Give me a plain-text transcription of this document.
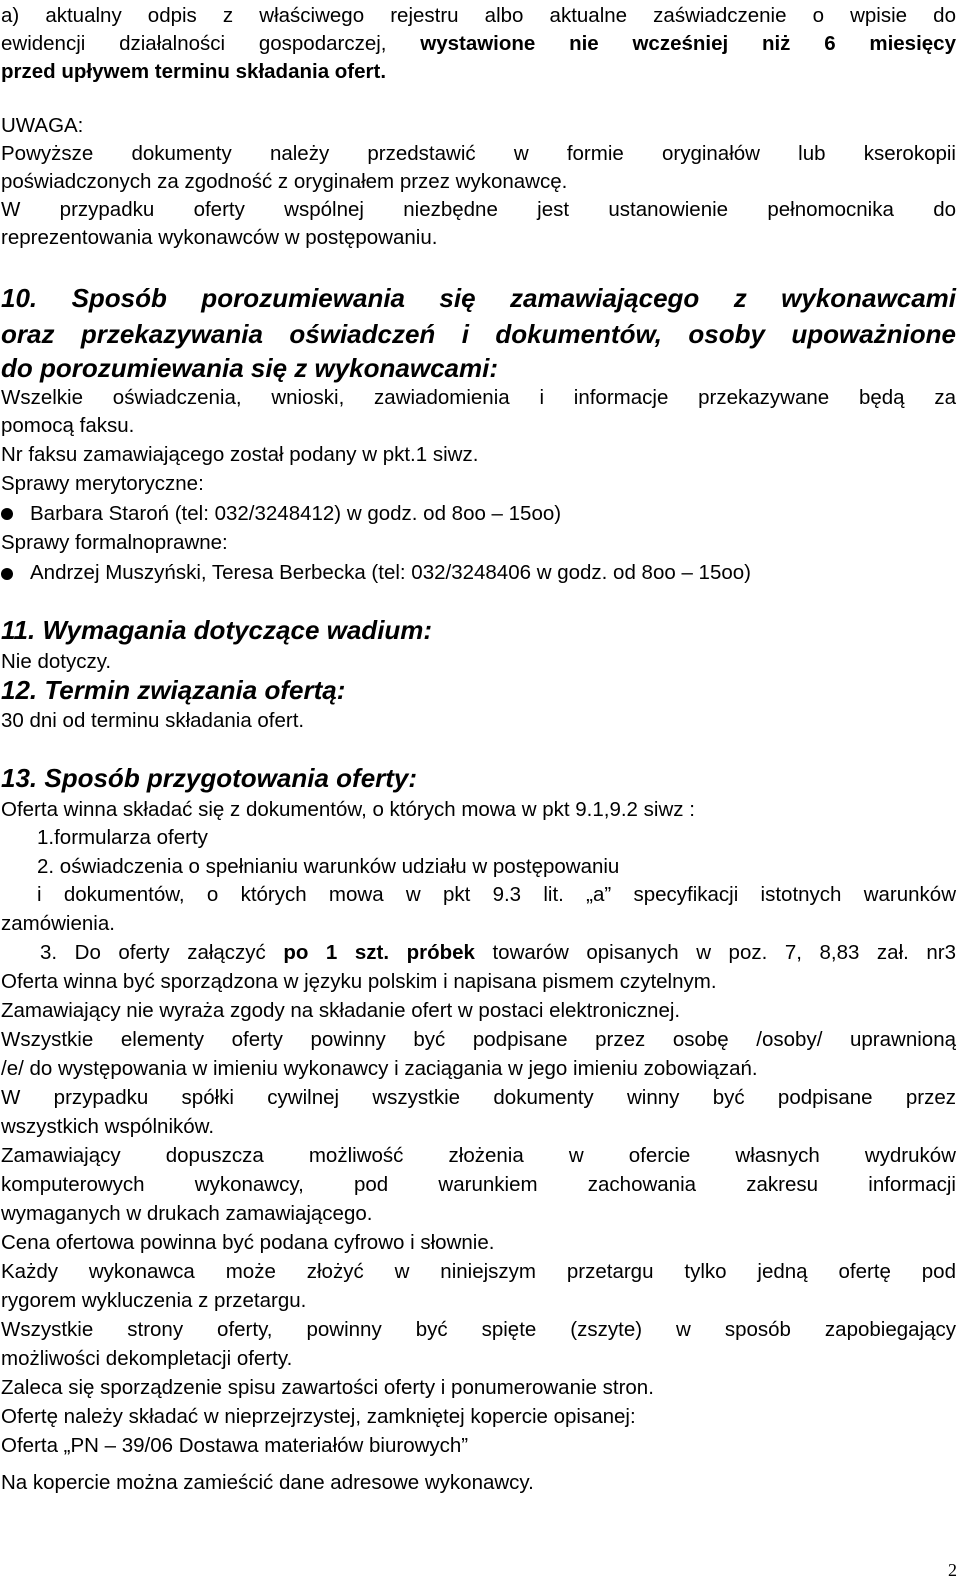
a) aktualny odpis z właściwego rejestru albo aktualne zaświadczenie o wpisie do
ewidencji działalności gospodarczej, wystawione nie wcześniej niż 6 miesięcy
przed upływem terminu składania ofert.
UWAGA:
Powyższe dokumenty należy przedstawić w formie oryginałów lub kserokopii
poświadczonych za zgodność z oryginałem przez wykonawcę.
W przypadku oferty wspólnej niezbędne jest ustanowienie pełnomocnika do
reprezentowania wykonawców w postępowaniu.
10. Sposób porozumiewania się zamawiającego z wykonawcami
oraz przekazywania oświadczeń i dokumentów, osoby upoważnione
do porozumiewania się z wykonawcami:
Wszelkie oświadczenia, wnioski, zawiadomienia i informacje przekazywane będą za
pomocą faksu.
Nr faksu zamawiającego został podany w pkt.1 siwz.
Sprawy merytoryczne:
Barbara Staroń (tel: 032/3248412) w godz. od 8oo – 15oo)
Sprawy formalnoprawne:
Andrzej Muszyński, Teresa Berbecka (tel: 032/3248406 w godz. od 8oo – 15oo)
11. Wymagania dotyczące wadium:
Nie dotyczy.
12. Termin związania ofertą:
30 dni od terminu składania ofert.
13. Sposób przygotowania oferty:
Oferta winna składać się z dokumentów, o których mowa w pkt 9.1,9.2 siwz :
1.formularza oferty
2. oświadczenia o spełnianiu warunków udziału w postępowaniu
i dokumentów, o których mowa w pkt 9.3 lit. „a” specyfikacji istotnych warunków
zamówienia.
3. Do oferty załączyć po 1 szt. próbek towarów opisanych w poz. 7, 8,83 zał. nr3
Oferta winna być sporządzona w języku polskim i napisana pismem czytelnym.
Zamawiający nie wyraża zgody na składanie ofert w postaci elektronicznej.
Wszystkie elementy oferty powinny być podpisane przez osobę /osoby/ uprawnioną
/e/ do występowania w imieniu wykonawcy i zaciągania w jego imieniu zobowiązań.
W przypadku spółki cywilnej wszystkie dokumenty winny być podpisane przez
wszystkich wspólników.
Zamawiający dopuszcza możliwość złożenia w ofercie własnych wydruków
komputerowych wykonawcy, pod warunkiem zachowania zakresu informacji
wymaganych w drukach zamawiającego.
Cena ofertowa powinna być podana cyfrowo i słownie.
Każdy wykonawca może złożyć w niniejszym przetargu tylko jedną ofertę pod
rygorem wykluczenia z przetargu.
Wszystkie strony oferty, powinny być spięte (zszyte) w sposób zapobiegający
możliwości dekompletacji oferty.
Zaleca się sporządzenie spisu zawartości oferty i ponumerowanie stron.
Ofertę należy składać w nieprzejrzystej, zamkniętej kopercie opisanej:
Oferta „PN – 39/06 Dostawa materiałów biurowych”
Na kopercie można zamieścić dane adresowe wykonawcy.
2
